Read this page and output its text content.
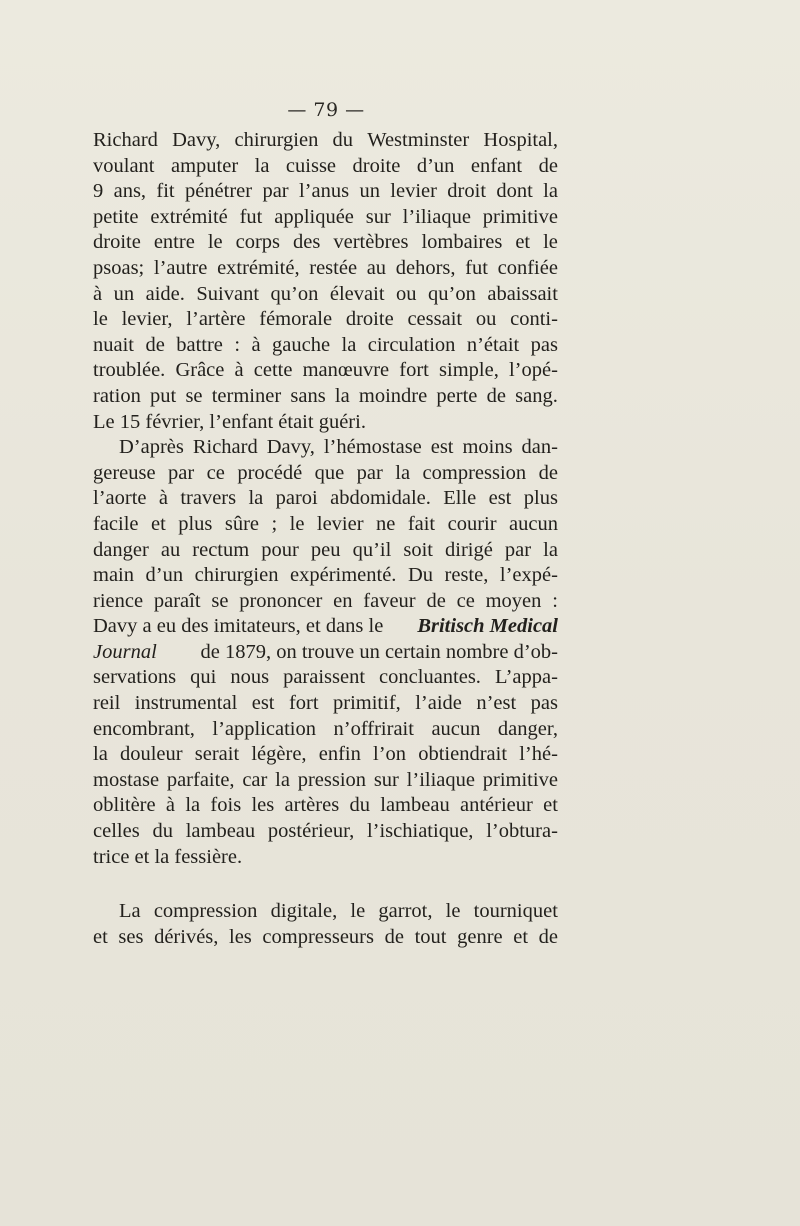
— 79 —
Richard Davy, chirurgien du Westminster Hospital,
voulant amputer la cuisse droite d’un enfant de
9 ans, fit pénétrer par l’anus un levier droit dont la
petite extrémité fut appliquée sur l’iliaque primitive
droite entre le corps des vertèbres lombaires et le
psoas; l’autre extrémité, restée au dehors, fut confiée
à un aide. Suivant qu’on élevait ou qu’on abaissait
le levier, l’artère fémorale droite cessait ou conti-
nuait de battre : à gauche la circulation n’était pas
troublée. Grâce à cette manœuvre fort simple, l’opé-
ration put se terminer sans la moindre perte de sang.
Le 15 février, l’enfant était guéri.
D’après Richard Davy, l’hémostase est moins dan-
gereuse par ce procédé que par la compression de
l’aorte à travers la paroi abdomidale. Elle est plus
facile et plus sûre ; le levier ne fait courir aucun
danger au rectum pour peu qu’il soit dirigé par la
main d’un chirurgien expérimenté. Du reste, l’expé-
rience paraît se prononcer en faveur de ce moyen :
Davy a eu des imitateurs, et dans le Britisch Medical
Journal de 1879, on trouve un certain nombre d’ob-
servations qui nous paraissent concluantes. L’appa-
reil instrumental est fort primitif, l’aide n’est pas
encombrant, l’application n’offrirait aucun danger,
la douleur serait légère, enfin l’on obtiendrait l’hé-
mostase parfaite, car la pression sur l’iliaque primitive
oblitère à la fois les artères du lambeau antérieur et
celles du lambeau postérieur, l’ischiatique, l’obtura-
trice et la fessière.
La compression digitale, le garrot, le tourniquet
et ses dérivés, les compresseurs de tout genre et de
